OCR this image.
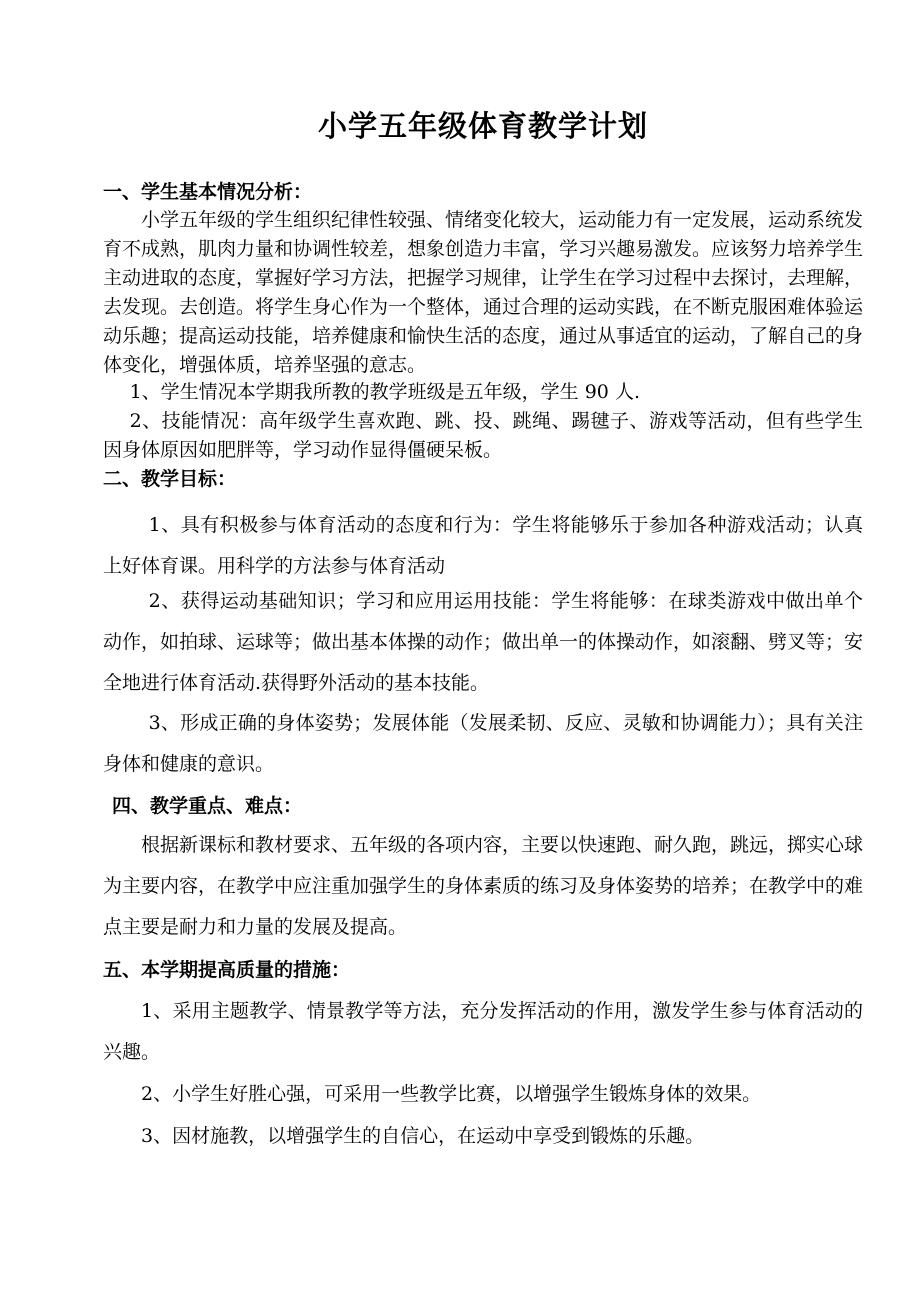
小学五年级体育教学计划

一、学生基本情况分析：

小学五年级的学生组织纪律性较强、情绪变化较大，运动能力有一定发展，运动系统发育不成熟，肌肉力量和协调性较差，想象创造力丰富，学习兴趣易激发。应该努力培养学生主动进取的态度，掌握好学习方法，把握学习规律，让学生在学习过程中去探讨，去理解，去发现。去创造。将学生身心作为一个整体，通过合理的运动实践，在不断克服困难体验运动乐趣；提高运动技能，培养健康和愉快生活的态度，通过从事适宜的运动，了解自己的身体变化，增强体质，培养坚强的意志。

1、学生情况本学期我所教的教学班级是五年级，学生 90 人.

2、技能情况：高年级学生喜欢跑、跳、投、跳绳、踢毽子、游戏等活动，但有些学生因身体原因如肥胖等，学习动作显得僵硬呆板。

二、教学目标：

1、具有积极参与体育活动的态度和行为：学生将能够乐于参加各种游戏活动；认真上好体育课。用科学的方法参与体育活动

2、获得运动基础知识；学习和应用运用技能：学生将能够：在球类游戏中做出单个动作，如拍球、运球等；做出基本体操的动作；做出单一的体操动作，如滚翻、劈叉等；安全地进行体育活动.获得野外活动的基本技能。

3、形成正确的身体姿势；发展体能（发展柔韧、反应、灵敏和协调能力）；具有关注身体和健康的意识。

四、教学重点、难点：

根据新课标和教材要求、五年级的各项内容，主要以快速跑、耐久跑，跳远，掷实心球为主要内容，在教学中应注重加强学生的身体素质的练习及身体姿势的培养；在教学中的难点主要是耐力和力量的发展及提高。

五、本学期提高质量的措施：

1、采用主题教学、情景教学等方法，充分发挥活动的作用，激发学生参与体育活动的兴趣。

2、小学生好胜心强，可采用一些教学比赛，以增强学生锻炼身体的效果。

3、因材施教，以增强学生的自信心，在运动中享受到锻炼的乐趣。
